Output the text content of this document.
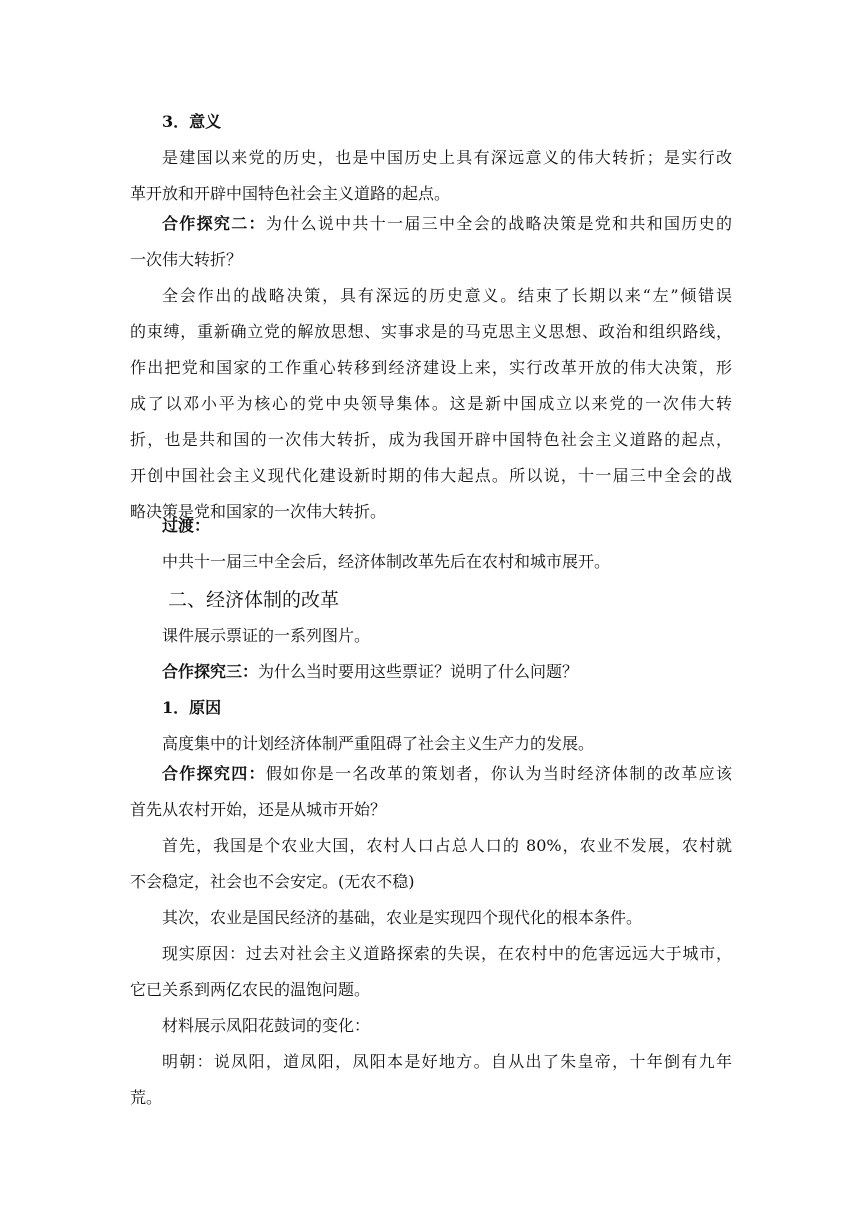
3．意义
是建国以来党的历史，也是中国历史上具有深远意义的伟大转折；是实行改
革开放和开辟中国特色社会主义道路的起点。
合作探究二：为什么说中共十一届三中全会的战略决策是党和共和国历史的
一次伟大转折？
全会作出的战略决策，具有深远的历史意义。结束了长期以来“左”倾错误
的束缚，重新确立党的解放思想、实事求是的马克思主义思想、政治和组织路线，
作出把党和国家的工作重心转移到经济建设上来，实行改革开放的伟大决策，形
成了以邓小平为核心的党中央领导集体。这是新中国成立以来党的一次伟大转
折，也是共和国的一次伟大转折，成为我国开辟中国特色社会主义道路的起点，
开创中国社会主义现代化建设新时期的伟大起点。所以说，十一届三中全会的战
略决策是党和国家的一次伟大转折。
过渡：
中共十一届三中全会后，经济体制改革先后在农村和城市展开。
二、经济体制的改革
课件展示票证的一系列图片。
合作探究三：为什么当时要用这些票证？说明了什么问题？
1．原因
高度集中的计划经济体制严重阻碍了社会主义生产力的发展。
合作探究四：假如你是一名改革的策划者，你认为当时经济体制的改革应该
首先从农村开始，还是从城市开始？
首先，我国是个农业大国，农村人口占总人口的 80%，农业不发展，农村就
不会稳定，社会也不会安定。(无农不稳)
其次，农业是国民经济的基础，农业是实现四个现代化的根本条件。
现实原因：过去对社会主义道路探索的失误，在农村中的危害远远大于城市，
它已关系到两亿农民的温饱问题。
材料展示凤阳花鼓词的变化：
明朝：说凤阳，道凤阳，凤阳本是好地方。自从出了朱皇帝，十年倒有九年
荒。
